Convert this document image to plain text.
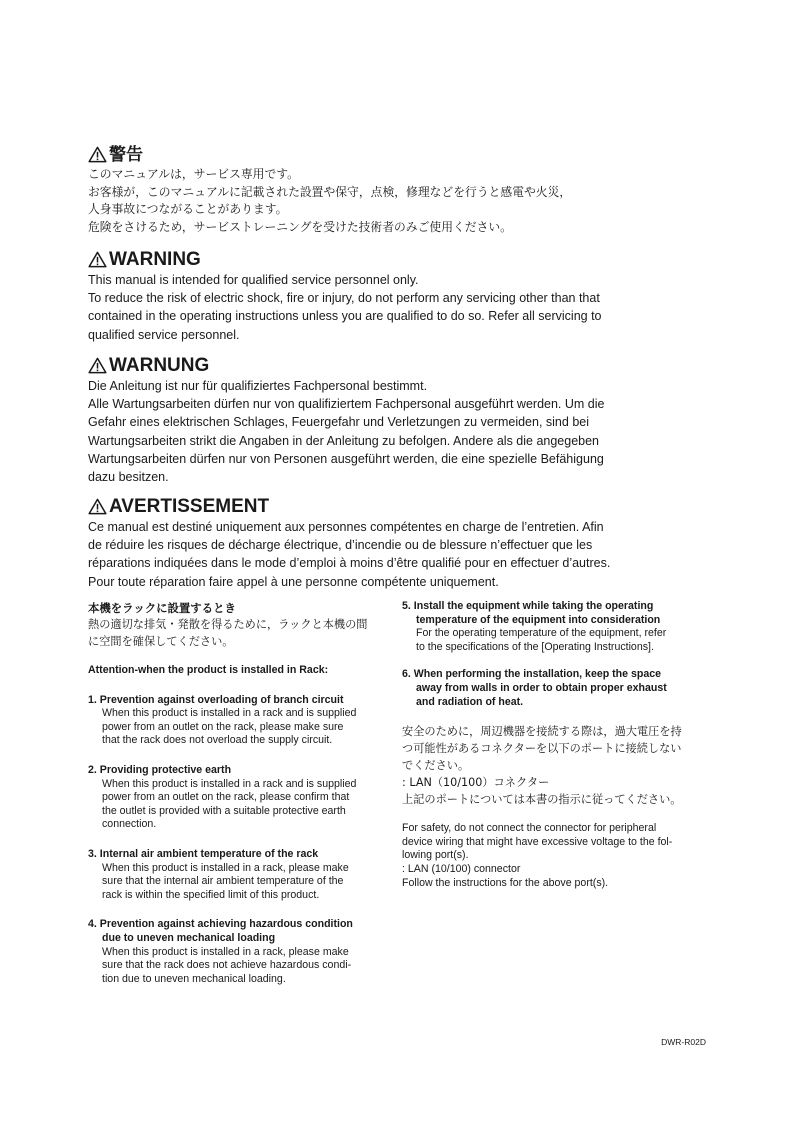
警告

このマニュアルは，サービス専用です。

お客様が，このマニュアルに記載された設置や保守，点検，修理などを行うと感電や火災，

人身事故につながることがあります。

危険をさけるため，サービストレーニングを受けた技術者のみご使用ください。

WARNING

This manual is intended for qualified service personnel only.

To reduce the risk of electric shock, fire or injury, do not perform any servicing other than that

contained in the operating instructions unless you are qualified to do so. Refer all servicing to

qualified service personnel.

WARNUNG

Die Anleitung ist nur für qualifiziertes Fachpersonal bestimmt.

Alle Wartungsarbeiten dürfen nur von qualifiziertem Fachpersonal ausgeführt werden. Um die

Gefahr eines elektrischen Schlages, Feuergefahr und Verletzungen zu vermeiden, sind bei

Wartungsarbeiten strikt die Angaben in der Anleitung zu befolgen. Andere als die angegeben

Wartungsarbeiten dürfen nur von Personen ausgeführt werden, die eine spezielle Befähigung

dazu besitzen.

AVERTISSEMENT

Ce manual est destiné uniquement aux personnes compétentes en charge de l’entretien. Afin

de réduire les risques de décharge électrique, d’incendie ou de blessure n’effectuer que les

réparations indiquées dans le mode d’emploi à moins d’être qualifié pour en effectuer d’autres.

Pour toute réparation faire appel à une personne compétente uniquement.

本機をラックに設置するとき

熱の適切な排気・発散を得るために，ラックと本機の間

に空間を確保してください。

Attention-when the product is installed in Rack:

1. Prevention against overloading of branch circuit

When this product is installed in a rack and is supplied

power from an outlet on the rack, please make sure

that the rack does not overload the supply circuit.

2. Providing protective earth

When this product is installed in a rack and is supplied

power from an outlet on the rack, please confirm that

the outlet is provided with a suitable protective earth

connection.

3. Internal air ambient temperature of the rack

When this product is installed in a rack, please make

sure that the internal air ambient temperature of the

rack is within the specified limit of this product.

4. Prevention against achieving hazardous condition

due to uneven mechanical loading

When this product is installed in a rack, please make

sure that the rack does not achieve hazardous condi-

tion due to uneven mechanical loading.

5. Install the equipment while taking the operating

temperature of the equipment into consideration

For the operating temperature of the equipment, refer

to the specifications of the [Operating Instructions].

6. When performing the installation, keep the space

away from walls in order to obtain proper exhaust

and radiation of heat.

安全のために，周辺機器を接続する際は，過大電圧を持

つ可能性があるコネクターを以下のポートに接続しない

でください。

: LAN（10/100）コネクター

上記のポートについては本書の指示に従ってください。

For safety, do not connect the connector for peripheral

device wiring that might have excessive voltage to the fol-

lowing port(s).

: LAN (10/100) connector

Follow the instructions for the above port(s).

DWR-R02D
